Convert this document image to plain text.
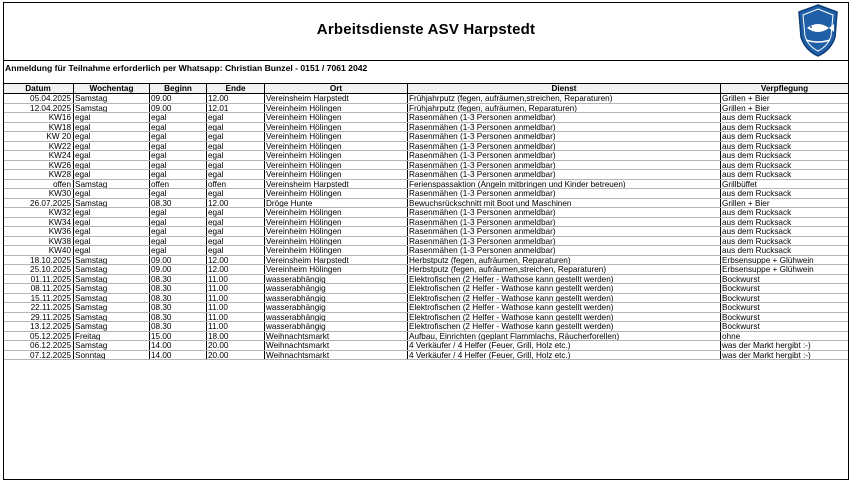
Arbeitsdienste ASV Harpstedt
Anmeldung für Teilnahme erforderlich per Whatsapp: Christian Bunzel - 0151 / 7061 2042
Datum	Wochentag	Beginn	Ende	Ort	Dienst	Verpflegung
05.04.2025 Samstag	09.00	12.00	Vereinsheim Harpstedt	Frühjahrputz (fegen, aufräumen,streichen, Reparaturen)	Grillen + Bier
12.04.2025 Samstag	09.00	12.01	Vereinheim Hölingen	Frühjahrputz (fegen, aufräumen, Reparaturen)	Grillen + Bier
KW16 egal	egal	egal	Vereinheim Hölingen	Rasenmähen (1-3 Personen anmeldbar)	aus dem Rucksack
KW18 egal	egal	egal	Vereinheim Hölingen	Rasenmähen (1-3 Personen anmeldbar)	aus dem Rucksack
KW 20 egal	egal	egal	Vereinheim Hölingen	Rasenmähen (1-3 Personen anmeldbar)	aus dem Rucksack
KW22 egal	egal	egal	Vereinheim Hölingen	Rasenmähen (1-3 Personen anmeldbar)	aus dem Rucksack
KW24 egal	egal	egal	Vereinheim Hölingen	Rasenmähen (1-3 Personen anmeldbar)	aus dem Rucksack
KW26 egal	egal	egal	Vereinheim Hölingen	Rasenmähen (1-3 Personen anmeldbar)	aus dem Rucksack
KW28 egal	egal	egal	Vereinheim Hölingen	Rasenmähen (1-3 Personen anmeldbar)	aus dem Rucksack
offen Samstag	offen	offen	Vereinsheim Harpstedt	Ferienspassaktion (Angeln mitbringen und Kinder betreuen)	Grillbüffet
KW30 egal	egal	egal	Vereinheim Hölingen	Rasenmähen (1-3 Personen anmeldbar)	aus dem Rucksack
26.07.2025 Samstag	08.30	12.00	Dröge Hunte	Bewuchsrückschnitt mit Boot und Maschinen	Grillen + Bier
KW32 egal	egal	egal	Vereinheim Hölingen	Rasenmähen (1-3 Personen anmeldbar)	aus dem Rucksack
KW34 egal	egal	egal	Vereinheim Hölingen	Rasenmähen (1-3 Personen anmeldbar)	aus dem Rucksack
KW36 egal	egal	egal	Vereinheim Hölingen	Rasenmähen (1-3 Personen anmeldbar)	aus dem Rucksack
KW38 egal	egal	egal	Vereinheim Hölingen	Rasenmähen (1-3 Personen anmeldbar)	aus dem Rucksack
KW40 egal	egal	egal	Vereinheim Hölingen	Rasenmähen (1-3 Personen anmeldbar)	aus dem Rucksack
18.10.2025 Samstag	09.00	12.00	Vereinsheim Harpstedt	Herbstputz (fegen, aufräumen, Reparaturen)	Erbsensuppe + Glühwein
25.10.2025 Samstag	09.00	12.00	Vereinheim Hölingen	Herbstputz (fegen, aufräumen,streichen, Reparaturen)	Erbsensuppe + Glühwein
01.11.2025 Samstag	08.30	11.00	wasserabhängig	Elektrofischen (2 Helfer - Wathose kann gestellt werden)	Bockwurst
08.11.2025 Samstag	08.30	11.00	wasserabhängig	Elektrofischen (2 Helfer - Wathose kann gestellt werden)	Bockwurst
15.11.2025 Samstag	08.30	11.00	wasserabhängig	Elektrofischen (2 Helfer - Wathose kann gestellt werden)	Bockwurst
22.11.2025 Samstag	08.30	11.00	wasserabhängig	Elektrofischen (2 Helfer - Wathose kann gestellt werden)	Bockwurst
29.11.2025 Samstag	08.30	11.00	wasserabhängig	Elektrofischen (2 Helfer - Wathose kann gestellt werden)	Bockwurst
13.12.2025 Samstag	08.30	11.00	wasserabhängig	Elektrofischen (2 Helfer - Wathose kann gestellt werden)	Bockwurst
05.12.2025 Freitag	15.00	18.00	Weihnachtsmarkt	Aufbau, Einrichten (geplant Flammlachs, Räucherforellen)	ohne
06.12.2025 Samstag	14.00	20.00	Weihnachtsmarkt	4 Verkäufer / 4 Helfer (Feuer, Grill, Holz etc.)	was der Markt hergibt :-)
07.12.2025 Sonntag	14.00	20.00	Weihnachtsmarkt	4 Verkäufer / 4 Helfer (Feuer, Grill, Holz etc.)	was der Markt hergibt :-)
